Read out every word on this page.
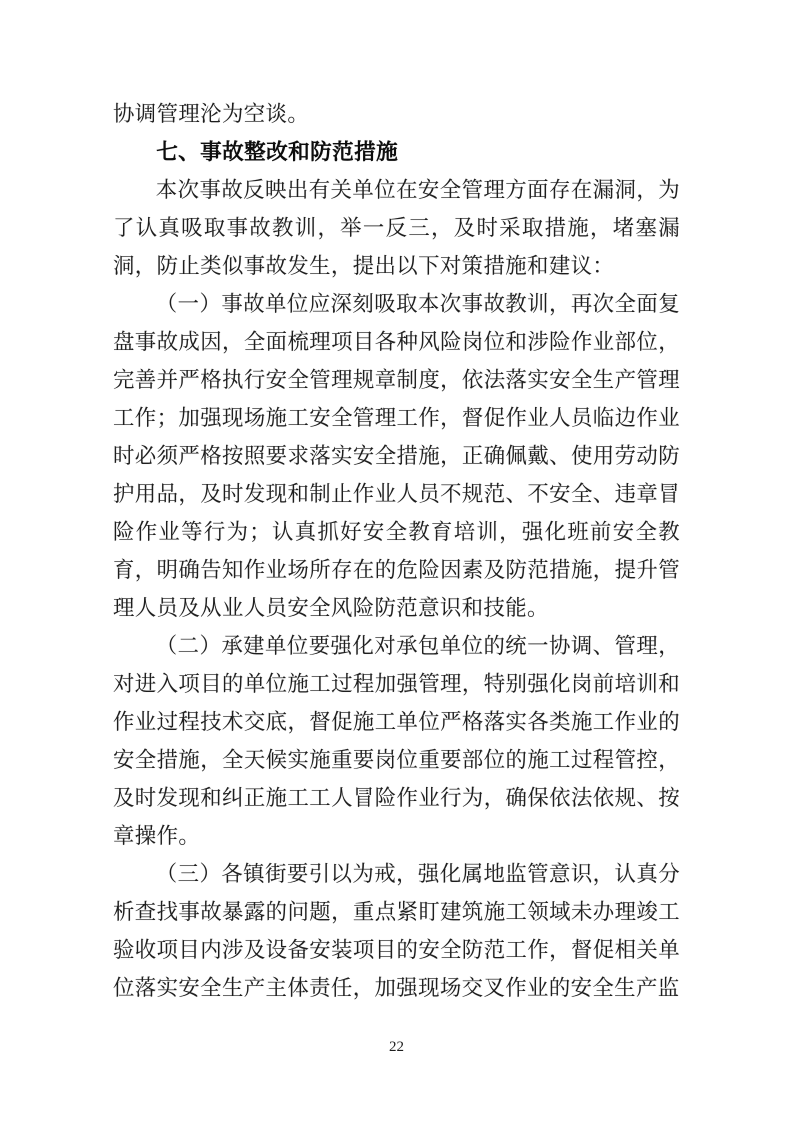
协调管理沦为空谈。

七、事故整改和防范措施

本次事故反映出有关单位在安全管理方面存在漏洞，为了认真吸取事故教训，举一反三，及时采取措施，堵塞漏洞，防止类似事故发生，提出以下对策措施和建议：

（一）事故单位应深刻吸取本次事故教训，再次全面复盘事故成因，全面梳理项目各种风险岗位和涉险作业部位，完善并严格执行安全管理规章制度，依法落实安全生产管理工作；加强现场施工安全管理工作，督促作业人员临边作业时必须严格按照要求落实安全措施，正确佩戴、使用劳动防护用品，及时发现和制止作业人员不规范、不安全、违章冒险作业等行为；认真抓好安全教育培训，强化班前安全教育，明确告知作业场所存在的危险因素及防范措施，提升管理人员及从业人员安全风险防范意识和技能。

（二）承建单位要强化对承包单位的统一协调、管理，对进入项目的单位施工过程加强管理，特别强化岗前培训和作业过程技术交底，督促施工单位严格落实各类施工作业的安全措施，全天候实施重要岗位重要部位的施工过程管控，及时发现和纠正施工工人冒险作业行为，确保依法依规、按章操作。

（三）各镇街要引以为戒，强化属地监管意识，认真分析查找事故暴露的问题，重点紧盯建筑施工领域未办理竣工验收项目内涉及设备安装项目的安全防范工作，督促相关单位落实安全生产主体责任，加强现场交叉作业的安全生产监

22
